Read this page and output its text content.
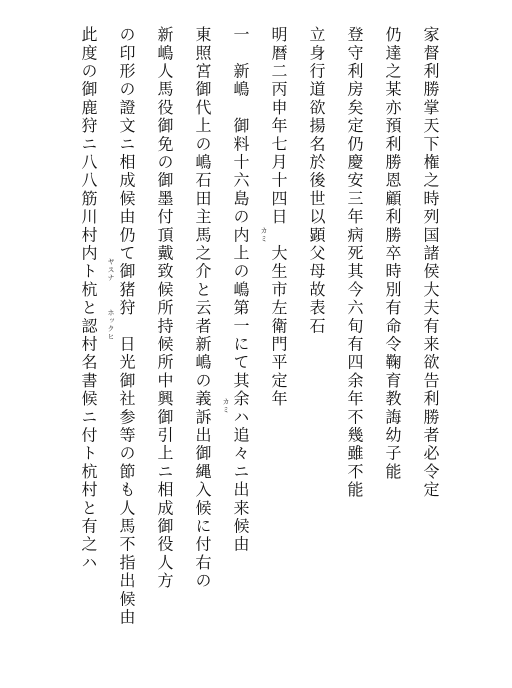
家督利勝掌天下権之時列国諸侯大夫有来欲告利勝者必令定
仍達之某亦預利勝恩顧利勝卒時別有命令鞠育教誨幼子能
登守利房矣定仍慶安三年病死其今六旬有四余年不幾雖不能
立身行道欲揚名於後世以顕父母故表石
明暦二丙申年七月十四日　大生市左衛門平定年
カミ
一　新嶋　御料十六島の内上の嶋第一にて其余ハ追々ニ出来候由
カミ
東照宮御代上の嶋石田主馬之介と云者新嶋の義訴出御縄入候に付右の
新嶋人馬役御免の御墨付頂戴致候所持候所中興御引上ニ相成御役人方
の印形の證文ニ相成候由仍て御猪狩　日光御社参等の節も人馬不指出候由
ヤスナ
ホックヒ
此度の御鹿狩ニ八八筋川村内ト杭と認村名書候ニ付ト杭村と有之ハ
